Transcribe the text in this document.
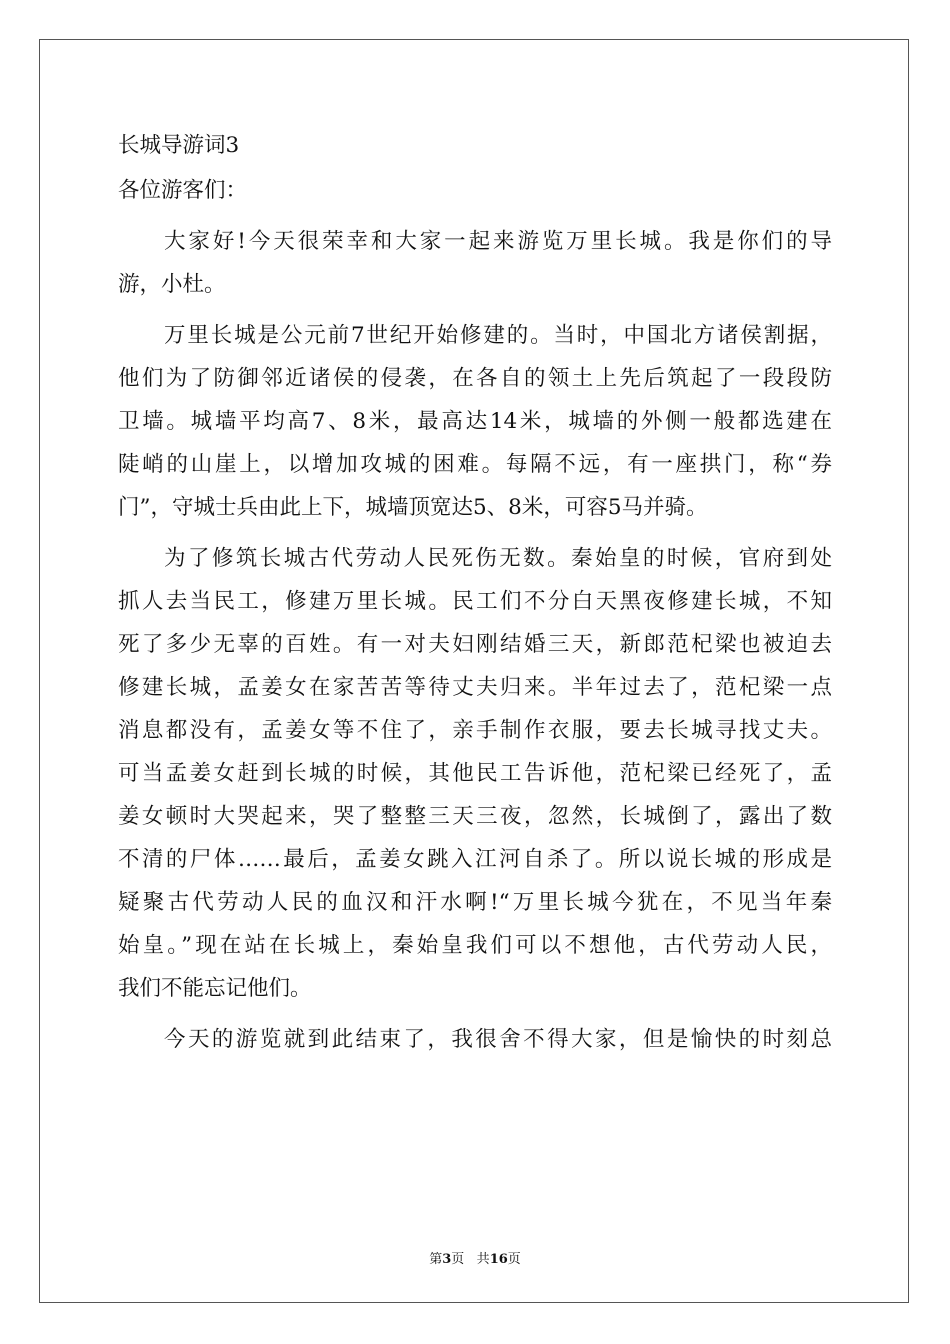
长城导游词3
各位游客们：
大家好!今天很荣幸和大家一起来游览万里长城。我是你们的导
游，小杜。
万里长城是公元前7世纪开始修建的。当时，中国北方诸侯割据，
他们为了防御邻近诸侯的侵袭，在各自的领土上先后筑起了一段段防
卫墙。城墙平均高7、8米，最高达14米，城墙的外侧一般都选建在
陡峭的山崖上，以增加攻城的困难。每隔不远，有一座拱门，称“券
门”，守城士兵由此上下，城墙顶宽达5、8米，可容5马并骑。
为了修筑长城古代劳动人民死伤无数。秦始皇的时候，官府到处
抓人去当民工，修建万里长城。民工们不分白天黑夜修建长城，不知
死了多少无辜的百姓。有一对夫妇刚结婚三天，新郎范杞梁也被迫去
修建长城，孟姜女在家苦苦等待丈夫归来。半年过去了，范杞梁一点
消息都没有，孟姜女等不住了，亲手制作衣服，要去长城寻找丈夫。
可当孟姜女赶到长城的时候，其他民工告诉他，范杞梁已经死了，孟
姜女顿时大哭起来，哭了整整三天三夜，忽然，长城倒了，露出了数
不清的尸体……最后，孟姜女跳入江河自杀了。所以说长城的形成是
疑聚古代劳动人民的血汉和汗水啊!“万里长城今犹在，不见当年秦
始皇。”现在站在长城上，秦始皇我们可以不想他，古代劳动人民，
我们不能忘记他们。
今天的游览就到此结束了，我很舍不得大家，但是愉快的时刻总
第3页 共16页
